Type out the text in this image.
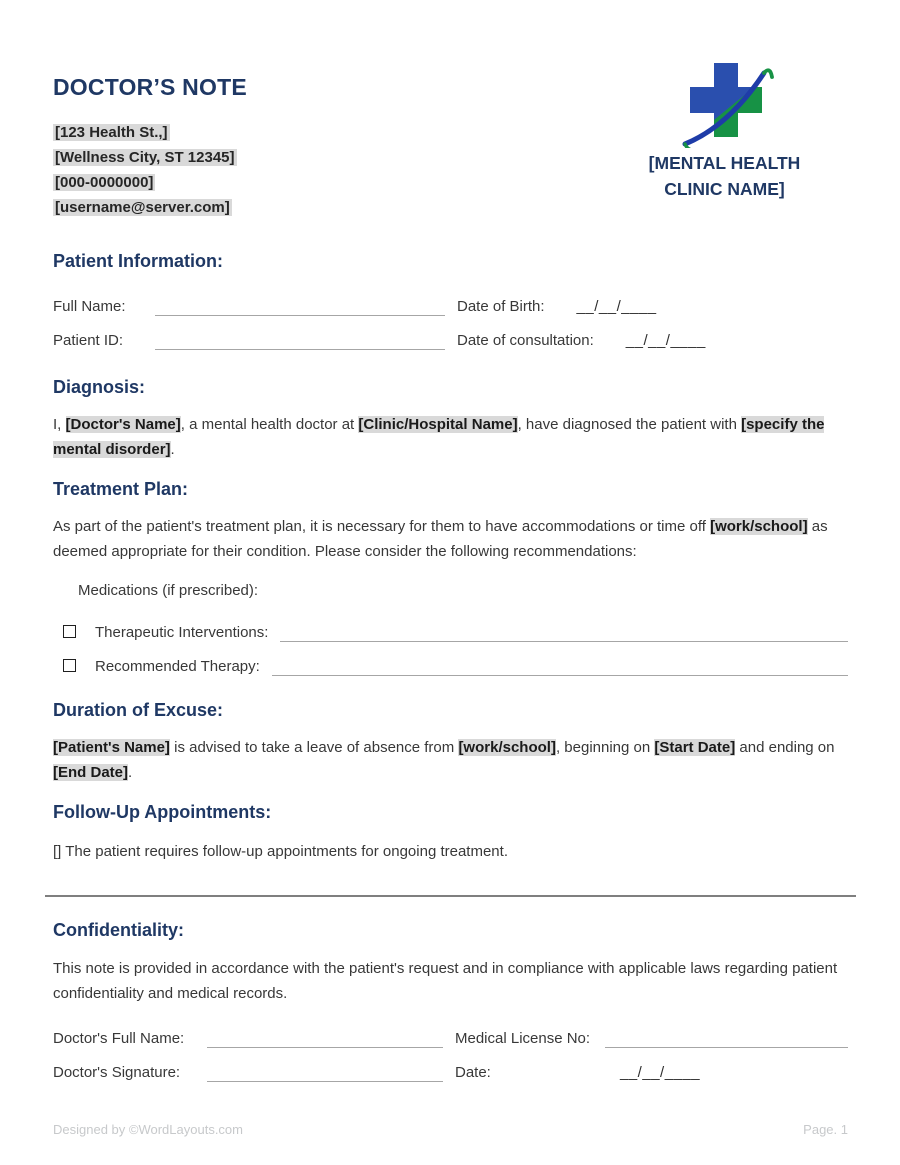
DOCTOR’S NOTE
[123 Health St.,]
[Wellness City, ST 12345]
[000-0000000]
[username@server.com]
[MENTAL HEALTH
CLINIC NAME]
Patient Information:
Full Name:	Date of Birth: __/__/____
Patient ID:	Date of consultation: __/__/____
Diagnosis:
I, [Doctor's Name], a mental health doctor at [Clinic/Hospital Name], have diagnosed the patient with [specify the mental disorder].
Treatment Plan:
As part of the patient's treatment plan, it is necessary for them to have accommodations or time off [work/school] as deemed appropriate for their condition. Please consider the following recommendations:
Medications (if prescribed):
Therapeutic Interventions:
Recommended Therapy:
Duration of Excuse:
[Patient's Name] is advised to take a leave of absence from [work/school], beginning on [Start Date] and ending on [End Date].
Follow-Up Appointments:
[] The patient requires follow-up appointments for ongoing treatment.
Confidentiality:
This note is provided in accordance with the patient's request and in compliance with applicable laws regarding patient confidentiality and medical records.
Doctor's Full Name:	Medical License No:
Doctor's Signature:	Date:	__/__/____
Designed by ©WordLayouts.com	Page. 1
